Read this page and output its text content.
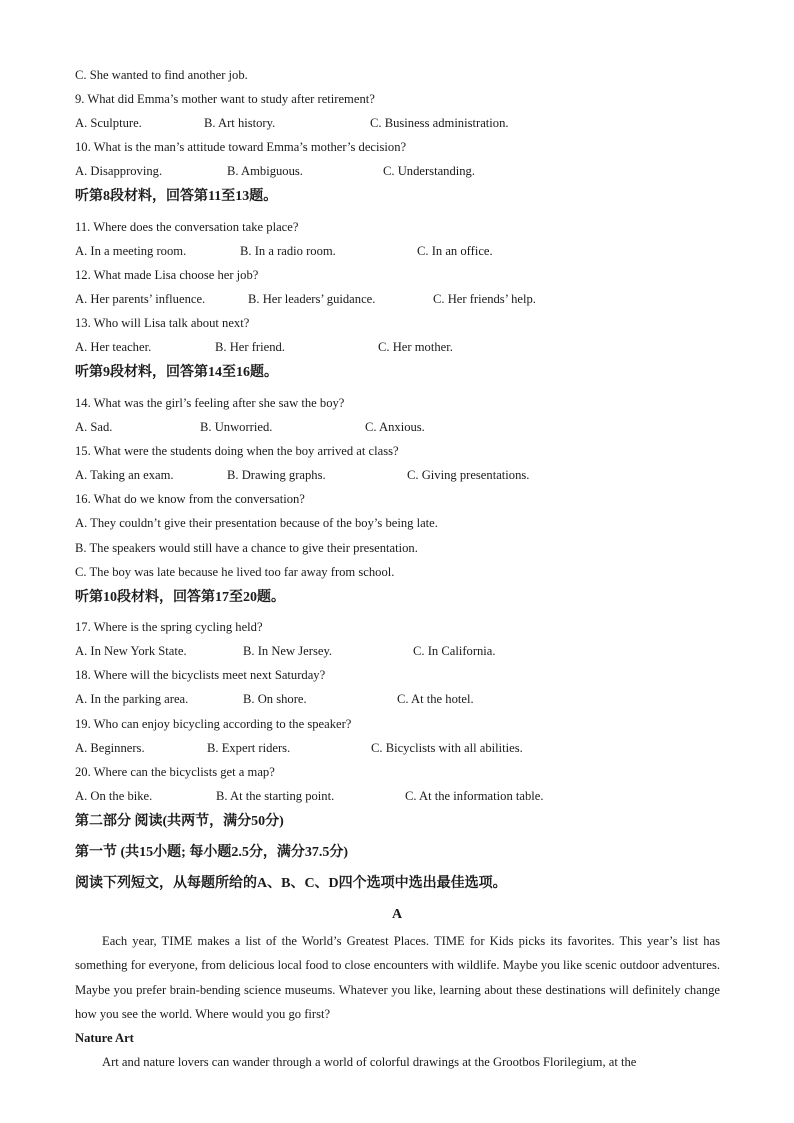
C. She wanted to find another job.
9. What did Emma’s mother want to study after retirement?
A. Sculpture.	B. Art history.	C. Business administration.
10. What is the man’s attitude toward Emma’s mother’s decision?
A. Disapproving.	B. Ambiguous.	C. Understanding.
听第8段材料，回答第11至13题。
11. Where does the conversation take place?
A. In a meeting room.	B. In a radio room.	C. In an office.
12. What made Lisa choose her job?
A. Her parents’ influence.	B. Her leaders’ guidance.	C. Her friends’ help.
13. Who will Lisa talk about next?
A. Her teacher.	B. Her friend.	C. Her mother.
听第9段材料，回答第14至16题。
14. What was the girl’s feeling after she saw the boy?
A. Sad.	B. Unworried.	C. Anxious.
15. What were the students doing when the boy arrived at class?
A. Taking an exam.	B. Drawing graphs.	C. Giving presentations.
16. What do we know from the conversation?
A. They couldn’t give their presentation because of the boy’s being late.
B. The speakers would still have a chance to give their presentation.
C. The boy was late because he lived too far away from school.
听第10段材料，回答第17至20题。
17. Where is the spring cycling held?
A. In New York State.	B. In New Jersey.	C. In California.
18. Where will the bicyclists meet next Saturday?
A. In the parking area.	B. On shore.	C. At the hotel.
19. Who can enjoy bicycling according to the speaker?
A. Beginners.	B. Expert riders.	C. Bicyclists with all abilities.
20. Where can the bicyclists get a map?
A. On the bike.	B. At the starting point.	C. At the information table.
第二部分 阅读(共两节，满分50分)
第一节 (共15小题; 每小题2.5分，满分37.5分)
阅读下列短文，从每题所给的A、B、C、D四个选项中选出最佳选项。
A

Each year, TIME makes a list of the World’s Greatest Places. TIME for Kids picks its favorites. This year’s list has something for everyone, from delicious local food to close encounters with wildlife. Maybe you like scenic outdoor adventures. Maybe you prefer brain-bending science museums. Whatever you like, learning about these destinations will definitely change how you see the world. Where would you go first?

Nature Art

Art and nature lovers can wander through a world of colorful drawings at the Grootbos Florilegium, at the
